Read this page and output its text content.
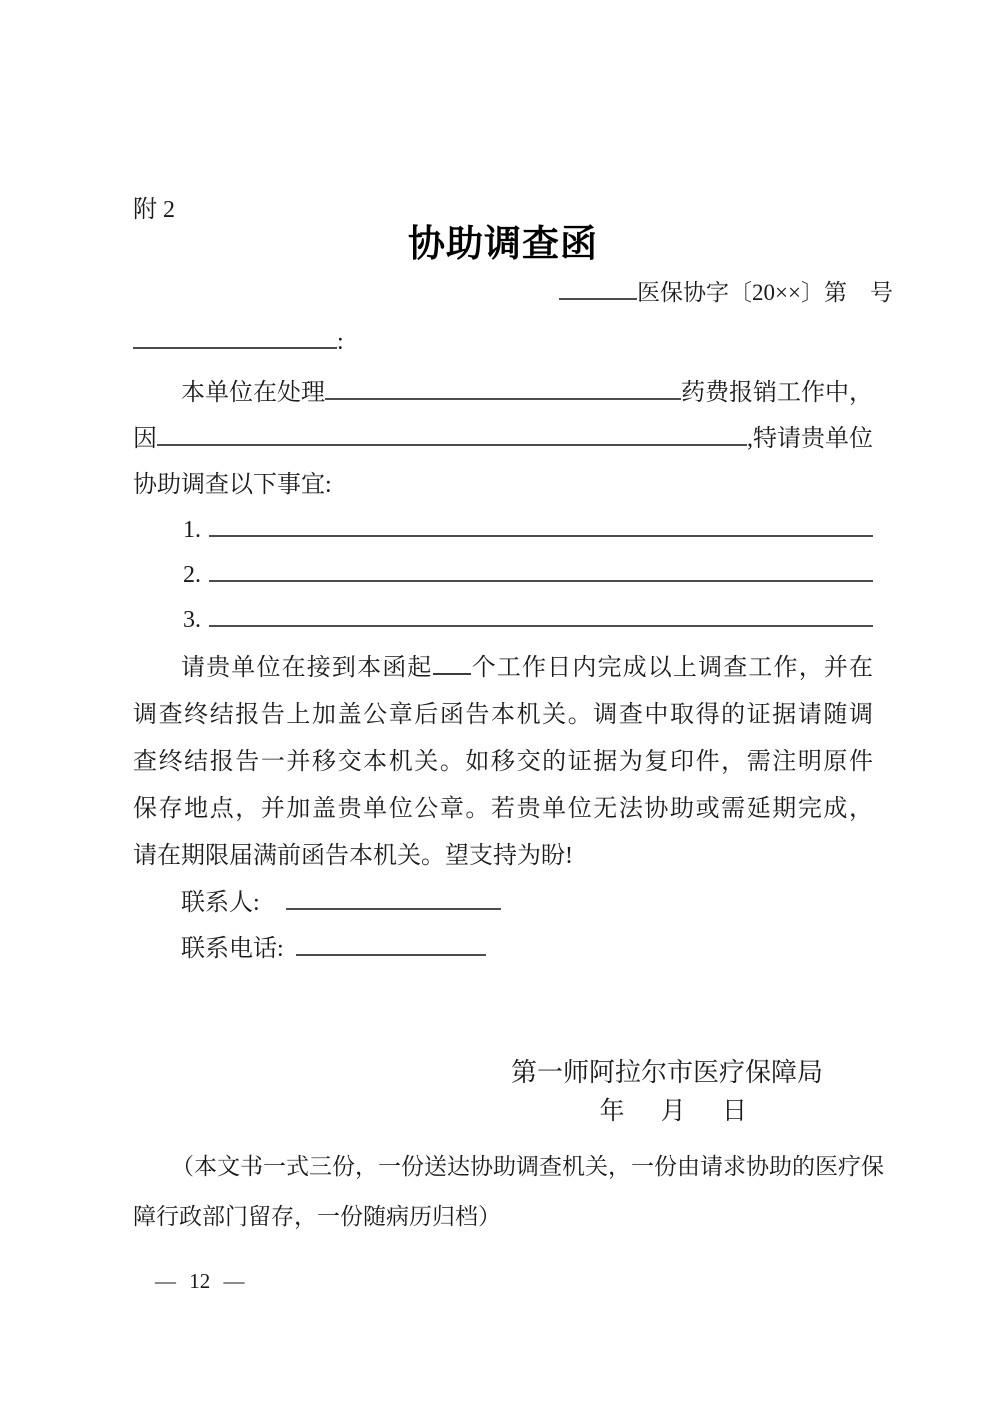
附 2
协助调查函
医保协字〔20××〕第　号
:
本单位在处理	药费报销工作中，
因	,特请贵单位
协助调查以下事宜:
1.
2.
3.
请贵单位在接到本函起 个工作日内完成以上调查工作，并在
调查终结报告上加盖公章后函告本机关。调查中取得的证据请随调
查终结报告一并移交本机关。如移交的证据为复印件，需注明原件
保存地点，并加盖贵单位公章。若贵单位无法协助或需延期完成，
请在期限届满前函告本机关。望支持为盼!
联系人:
联系电话:
第一师阿拉尔市医疗保障局
年 月 日
（本文书一式三份，一份送达协助调查机关，一份由请求协助的医疗保
障行政部门留存，一份随病历归档）
— 12 —
